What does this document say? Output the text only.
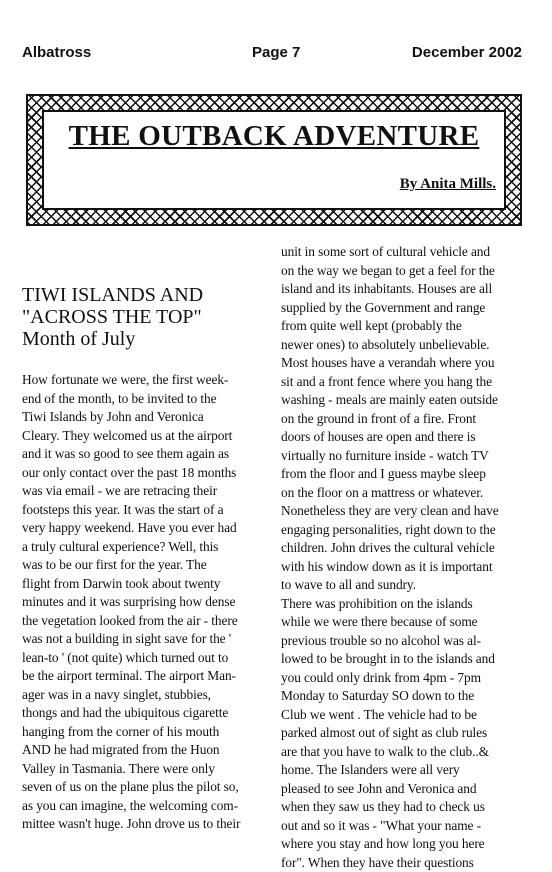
Albatross	Page 7	December 2002
THE OUTBACK ADVENTURE
By Anita Mills.
TIWI ISLANDS AND
"ACROSS THE TOP"
Month of July
How fortunate we were, the first week-
end of the month, to be invited to the
Tiwi Islands by John and Veronica
Cleary. They welcomed us at the airport
and it was so good to see them again as
our only contact over the past 18 months
was via email - we are retracing their
footsteps this year. It was the start of a
very happy weekend. Have you ever had
a truly cultural experience? Well, this
was to be our first for the year. The
flight from Darwin took about twenty
minutes and it was surprising how dense
the vegetation looked from the air - there
was not a building in sight save for the '
lean-to ' (not quite) which turned out to
be the airport terminal. The airport Man-
ager was in a navy singlet, stubbies,
thongs and had the ubiquitous cigarette
hanging from the corner of his mouth
AND he had migrated from the Huon
Valley in Tasmania. There were only
seven of us on the plane plus the pilot so,
as you can imagine, the welcoming com-
mittee wasn't huge. John drove us to their
unit in some sort of cultural vehicle and
on the way we began to get a feel for the
island and its inhabitants. Houses are all
supplied by the Government and range
from quite well kept (probably the
newer ones) to absolutely unbelievable.
Most houses have a verandah where you
sit and a front fence where you hang the
washing - meals are mainly eaten outside
on the ground in front of a fire. Front
doors of houses are open and there is
virtually no furniture inside - watch TV
from the floor and I guess maybe sleep
on the floor on a mattress or whatever.
Nonetheless they are very clean and have
engaging personalities, right down to the
children. John drives the cultural vehicle
with his window down as it is important
to wave to all and sundry.
There was prohibition on the islands
while we were there because of some
previous trouble so no alcohol was al-
lowed to be brought in to the islands and
you could only drink from 4pm - 7pm
Monday to Saturday SO down to the
Club we went . The vehicle had to be
parked almost out of sight as club rules
are that you have to walk to the club..&
home. The Islanders were all very
pleased to see John and Veronica and
when they saw us they had to check us
out and so it was - "What your name -
where you stay and how long you here
for". When they have their questions
